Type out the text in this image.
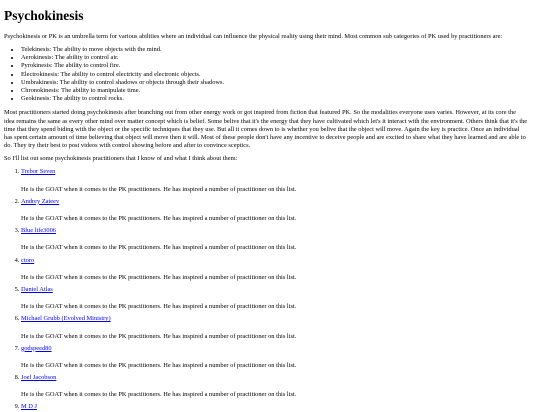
Psychokinesis

Psychokinesis or PK is an umbrella term for various abilities where an individual can influence the physical reality using their mind. Most common sub categories of PK used by practitioners are:

• Telekinesis: The ability to move objects with the mind.
• Aerokinesis: The ability to control air.
• Pyrokinesis: The ability to control fire.
• Electrokinesis: The ability to control electricity and electronic objects.
• Umbrakinesis: The ability to control shadows or objects through their shadows.
• Chronokinesis: The ability to manipulate time.
• Geokinesis: The ability to control rocks.

Most practitioners started doing psychokinesis after branching out from other energy work or got inspired from fiction that featured PK. So the modalities everyone uses varies. However, at its core the idea remains the same as every other mind over matter concept which is belief. Some belive that it's the energy that they have cultivated which let's it interact with the environment. Others think that it's the time that they spend biding with the object or the specific techniques that they use. But all it comes down to is whether you belive that the object will move. Again the key is practice. Once an individual has spent certain amount of time believing that object will move then it will. Most of these people don't have any incentive to deceive people and are excited to share what they have learned and are able to do. They try their best to post videos with control showing before and after to convince sceptics.

So I'll list out some psychokinesis practitioners that I know of and what I think about them:

1. Trebor Seven

He is the GOAT when it comes to the PK practitioners. He has inspired a number of practitioner on this list.

2. Andrey Zateev

He is the GOAT when it comes to the PK practitioners. He has inspired a number of practitioner on this list.

3. Blue life3006

He is the GOAT when it comes to the PK practitioners. He has inspired a number of practitioner on this list.

4. ctoro

He is the GOAT when it comes to the PK practitioners. He has inspired a number of practitioner on this list.

5. Daniel Atlas

He is the GOAT when it comes to the PK practitioners. He has inspired a number of practitioner on this list.

6. Michael Grubb (Evolved Ministry)

He is the GOAT when it comes to the PK practitioners. He has inspired a number of practitioner on this list.

7. godspeed80

He is the GOAT when it comes to the PK practitioners. He has inspired a number of practitioner on this list.

8. Joel Jacobson

He is the GOAT when it comes to the PK practitioners. He has inspired a number of practitioner on this list.

9. M D J
